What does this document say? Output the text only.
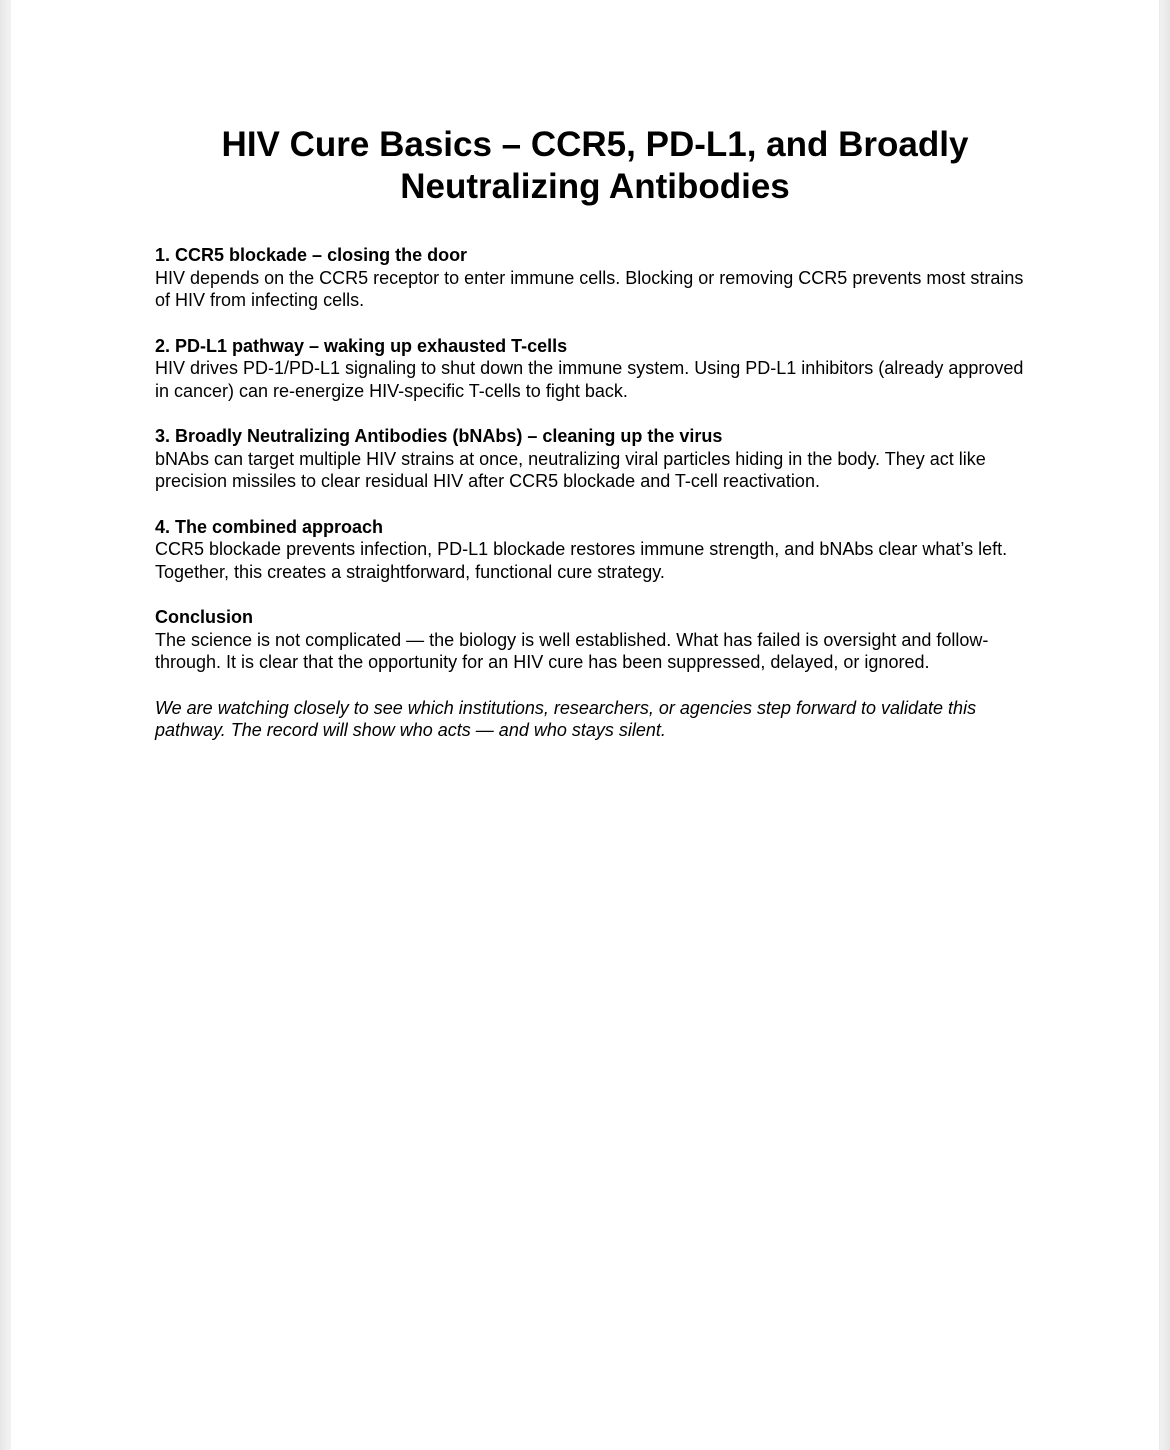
HIV Cure Basics – CCR5, PD-L1, and Broadly
Neutralizing Antibodies

1. CCR5 blockade – closing the door

HIV depends on the CCR5 receptor to enter immune cells. Blocking or removing CCR5 prevents most strains of HIV from infecting cells.

2. PD-L1 pathway – waking up exhausted T-cells

HIV drives PD-1/PD-L1 signaling to shut down the immune system. Using PD-L1 inhibitors (already approved in cancer) can re-energize HIV-specific T-cells to fight back.

3. Broadly Neutralizing Antibodies (bNAbs) – cleaning up the virus

bNAbs can target multiple HIV strains at once, neutralizing viral particles hiding in the body. They act like precision missiles to clear residual HIV after CCR5 blockade and T-cell reactivation.

4. The combined approach

CCR5 blockade prevents infection, PD-L1 blockade restores immune strength, and bNAbs clear what’s left. Together, this creates a straightforward, functional cure strategy.

Conclusion

The science is not complicated — the biology is well established. What has failed is oversight and follow-through. It is clear that the opportunity for an HIV cure has been suppressed, delayed, or ignored.

We are watching closely to see which institutions, researchers, or agencies step forward to validate this pathway. The record will show who acts — and who stays silent.
